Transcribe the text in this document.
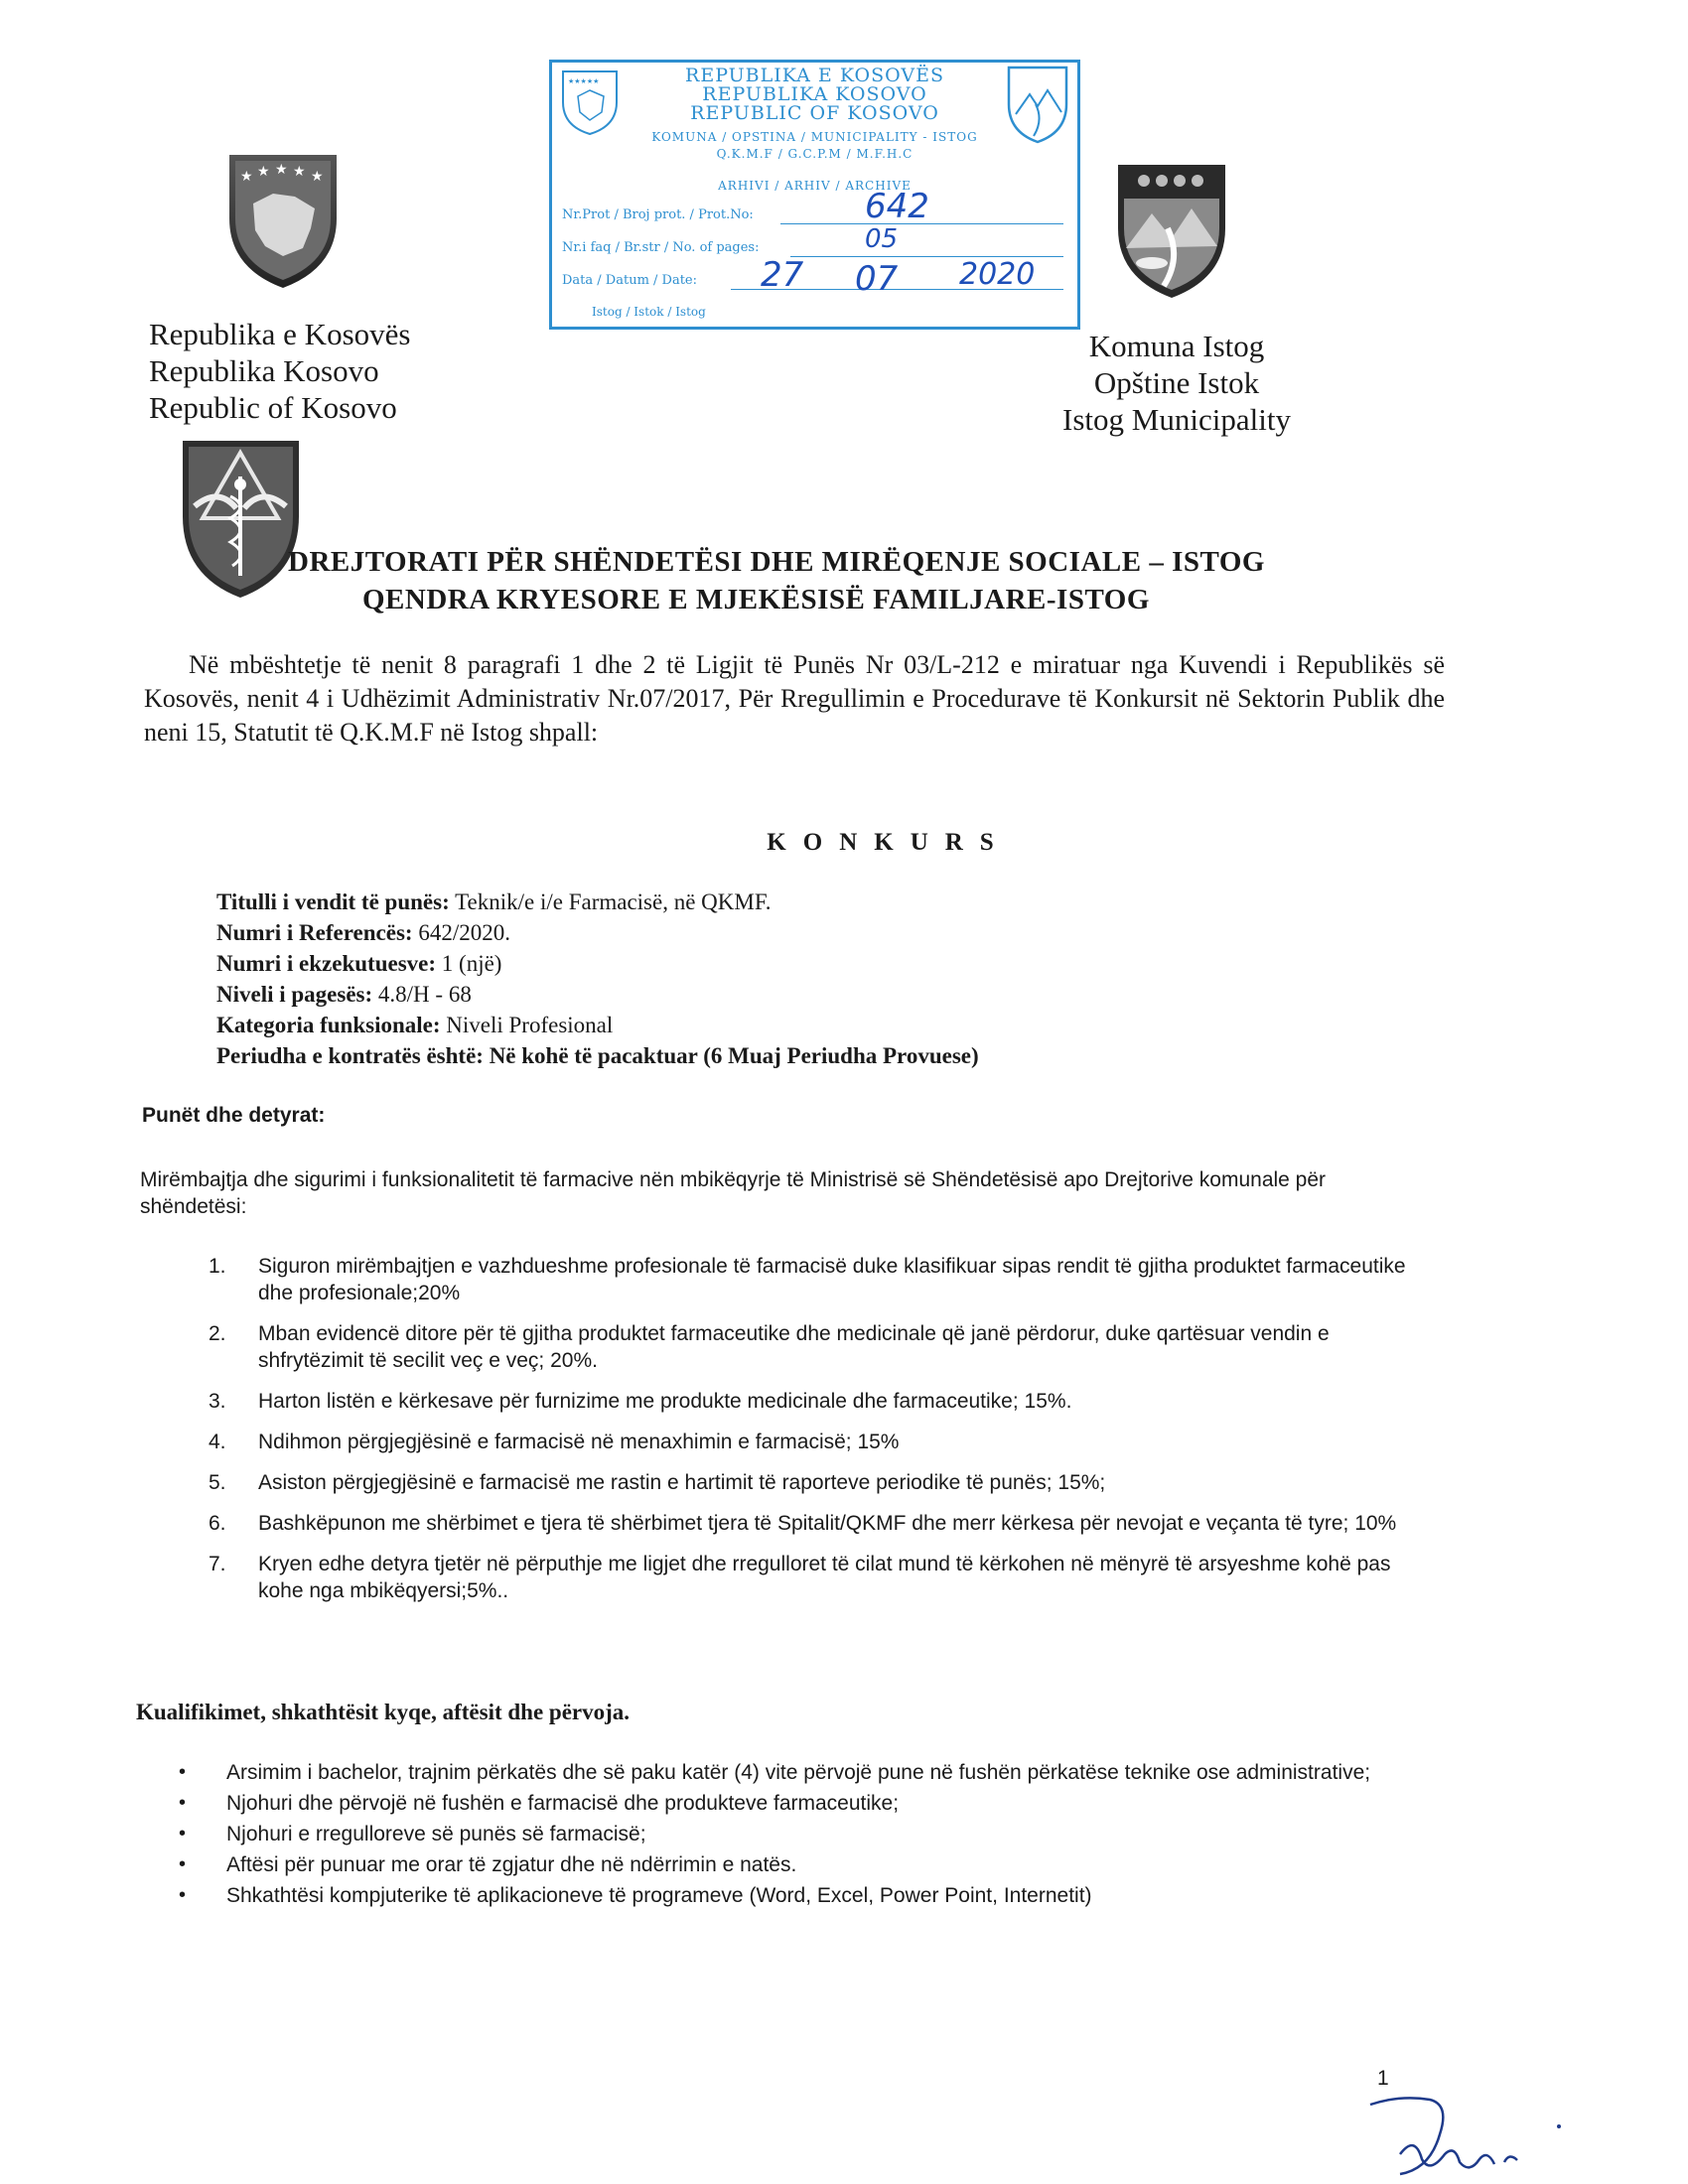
★ ★ ★ ★ ★
Republika e Kosovës
Republika Kosovo
Republic of Kosovo
Komuna Istog
Opštine Istok
Istog Municipality
★★★★★	REPUBLIKA E KOSOVËS
REPUBLIKA KOSOVO
REPUBLIC OF KOSOVO
KOMUNA / OPSTINA / MUNICIPALITY - ISTOG
Q.K.M.F / G.C.P.M / M.F.H.C
ARHIVI / ARHIV / ARCHIVE
Nr.Prot / Broj prot. / Prot.No:	642
Nr.i faq / Br.str / No. of pages:	05
Data / Datum / Date: 27 07 2020
Istog / Istok / Istog
DREJTORATI PËR SHËNDETËSI DHE MIRËQENJE SOCIALE – ISTOG
QENDRA KRYESORE E MJEKËSISË FAMILJARE-ISTOG
Në mbështetje të nenit 8 paragrafi 1 dhe 2 të Ligjit të Punës Nr 03/L-212 e miratuar nga Kuvendi i Republikës së Kosovës, nenit 4 i Udhëzimit Administrativ Nr.07/2017, Për Rregullimin e Procedurave të Konkursit në Sektorin Publik dhe neni 15, Statutit të Q.K.M.F në Istog shpall:
KONKURS
Titulli i vendit të punës: Teknik/e i/e Farmacisë, në QKMF.
Numri i Referencës: 642/2020.
Numri i ekzekutuesve: 1 (një)
Niveli i pagesës: 4.8/H - 68
Kategoria funksionale: Niveli Profesional
Periudha e kontratës është: Në kohë të pacaktuar (6 Muaj Periudha Provuese)
Punët dhe detyrat:
Mirëmbajtja dhe sigurimi i funksionalitetit të farmacive nën mbikëqyrje të Ministrisë së Shëndetësisë apo Drejtorive komunale për shëndetësi:
1. Siguron mirëmbajtjen e vazhdueshme profesionale të farmacisë duke klasifikuar sipas rendit të gjitha produktet farmaceutike dhe profesionale;20%
2. Mban evidencë ditore për të gjitha produktet farmaceutike dhe medicinale që janë përdorur, duke qartësuar vendin e shfrytëzimit të secilit veç e veç; 20%.
3. Harton listën e kërkesave për furnizime me produkte medicinale dhe farmaceutike; 15%.
4. Ndihmon përgjegjësinë e farmacisë në menaxhimin e farmacisë; 15%
5. Asiston përgjegjësinë e farmacisë me rastin e hartimit të raporteve periodike të punës; 15%;
6. Bashkëpunon me shërbimet e tjera të shërbimet tjera të Spitalit/QKMF dhe merr kërkesa për nevojat e veçanta të tyre; 10%
7. Kryen edhe detyra tjetër në përputhje me ligjet dhe rregulloret të cilat mund të kërkohen në mënyrë të arsyeshme kohë pas kohe nga mbikëqyersi;5%..
Kualifikimet, shkathtësit kyqe, aftësit dhe përvoja.
• Arsimim i bachelor, trajnim përkatës dhe së paku katër (4) vite përvojë pune në fushën përkatëse teknike ose administrative;
• Njohuri dhe përvojë në fushën e farmacisë dhe produkteve farmaceutike;
• Njohuri e rregulloreve së punës së farmacisë;
• Aftësi për punuar me orar të zgjatur dhe në ndërrimin e natës.
• Shkathtësi kompjuterike të aplikacioneve të programeve (Word, Excel, Power Point, Internetit)
1
